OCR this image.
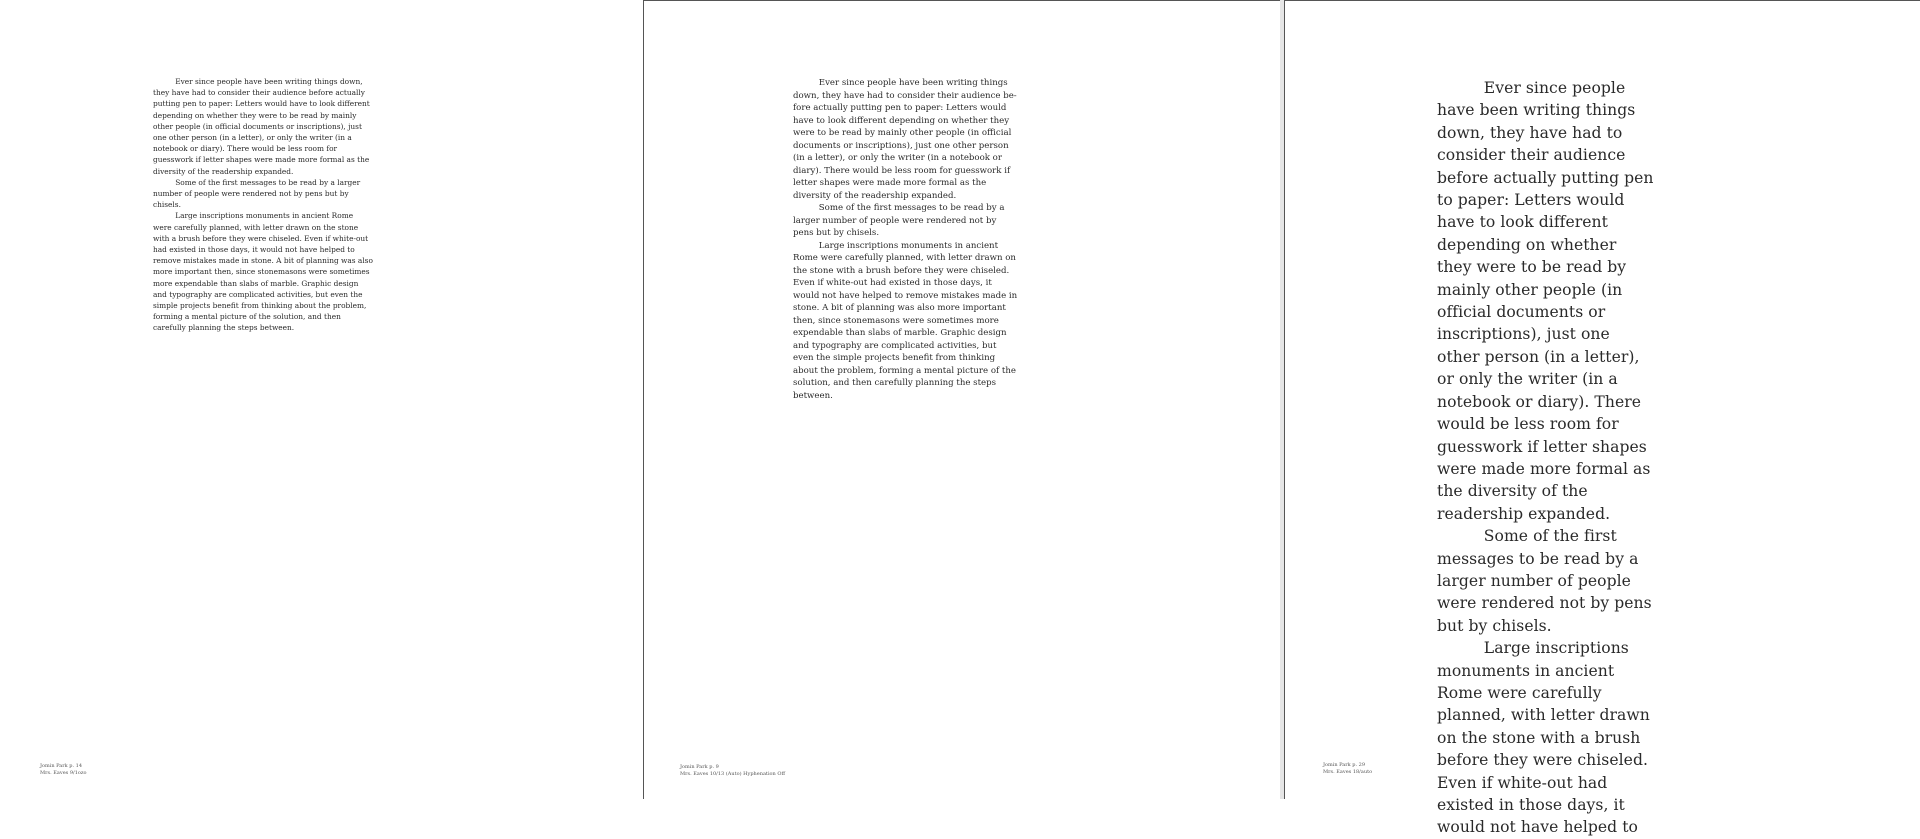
Ever since people have been writing things down, they have had to consider their audience before actually putting pen to paper: Letters would have to look different depending on whether they were to be read by mainly other people (in official documents or inscriptions), just one other person (in a letter), or only the writer (in a notebook or diary). There would be less room for guesswork if letter shapes were made more formal as the diversity of the readership expanded.

Some of the first messages to be read by a larger number of people were rendered not by pens but by chisels.

Large inscriptions monuments in ancient Rome were carefully planned, with letter drawn on the stone with a brush before they were chiseled. Even if white-out had existed in those days, it would not have helped to remove mistakes made in stone. A bit of planning was also more important then, since stonemasons were sometimes more expendable than slabs of marble. Graphic design and typography are complicated activities, but even the simple projects benefit from thinking about the problem, forming a mental picture of the solution, and then carefully planning the steps between.

Jomin Park p. 14
Mrs. Eaves 9/1ozo

Ever since people have been writing things down, they have had to consider their audience be- fore actually putting pen to paper: Letters would have to look different depending on whether they were to be read by mainly other people (in official documents or inscriptions), just one other person (in a letter), or only the writer (in a notebook or diary). There would be less room for guesswork if letter shapes were made more formal as the diversity of the readership expanded.

Some of the first messages to be read by a larger number of people were rendered not by pens but by chisels.

Large inscriptions monuments in ancient Rome were carefully planned, with letter drawn on the stone with a brush before they were chiseled. Even if white-out had existed in those days, it would not have helped to remove mistakes made in stone. A bit of planning was also more important then, since stonemasons were sometimes more expendable than slabs of marble. Graphic design and typography are complicated activities, but even the simple projects benefit from thinking about the problem, forming a mental picture of the solution, and then carefully planning the steps between.

Jomin Park p. 9
Mrs. Eaves 10/13 (Auto) Hyphenation Off

Ever since people have been writing things down, they have had to consider their audience before actually putting pen to paper: Letters would have to look different depending on whether they were to be read by mainly other people (in official documents or inscriptions), just one other person (in a letter), or only the writer (in a notebook or diary). There would be less room for guesswork if letter shapes were made more formal as the diversity of the readership expanded.

Some of the first messages to be read by a larger number of people were rendered not by pens but by chisels.

Large inscriptions monuments in ancient Rome were carefully planned, with letter drawn on the stone with a brush before they were chiseled. Even if white-out had existed in those days, it would not have helped to

Jomin Park p. 29
Mrs. Eaves 18/auto
